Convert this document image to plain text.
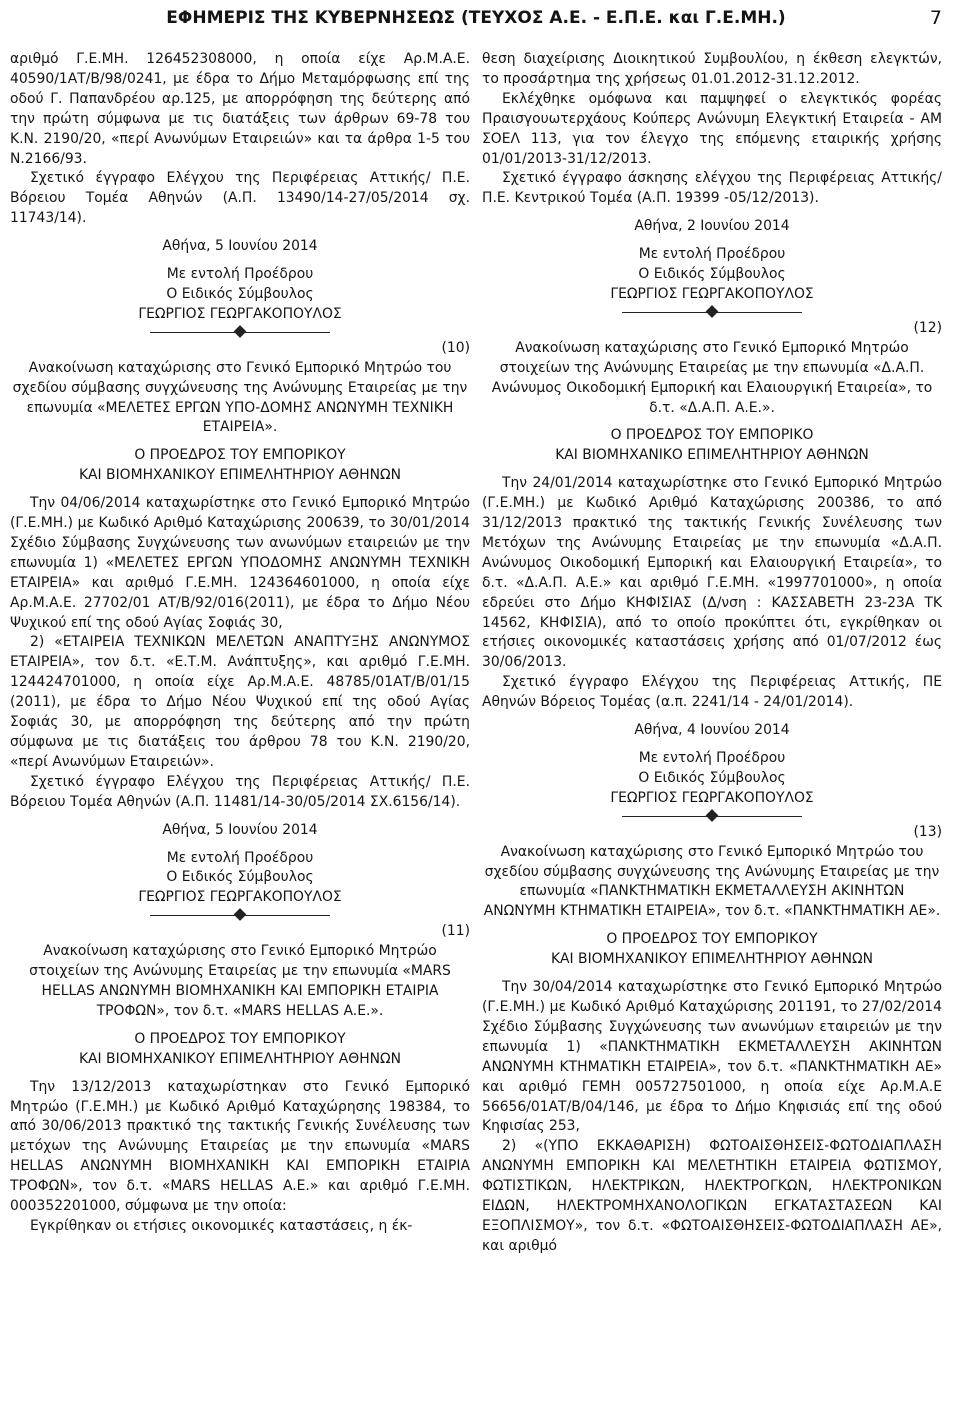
ΕΦΗΜΕΡΙΣ ΤΗΣ ΚΥΒΕΡΝΗΣΕΩΣ (ΤΕΥΧΟΣ Α.Ε. - Ε.Π.Ε. και Γ.Ε.ΜΗ.)	7

αριθμό Γ.Ε.ΜΗ. 126452308000, η οποία είχε Αρ.Μ.Α.Ε. 40590/1ΑΤ/Β/98/0241, με έδρα το Δήμο Μεταμόρφωσης επί της οδού Γ. Παπανδρέου αρ.125, με απορρόφηση της δεύτερης από την πρώτη σύμφωνα με τις διατάξεις των άρθρων 69-78 του Κ.Ν. 2190/20, «περί Ανωνύμων Εταιρειών» και τα άρθρα 1-5 του Ν.2166/93.

Σχετικό έγγραφο Ελέγχου της Περιφέρειας Αττικής/ Π.Ε. Βόρειου Τομέα Αθηνών (Α.Π. 13490/14-27/05/2014 σχ. 11743/14).

Αθήνα, 5 Ιουνίου 2014

Με εντολή Προέδρου

Ο Ειδικός Σύμβουλος

ΓΕΩΡΓΙΟΣ ΓΕΩΡΓΑΚΟΠΟΥΛΟΣ

(10)

Ανακοίνωση καταχώρισης στο Γενικό Εμπορικό Μητρώο του σχεδίου σύμβασης συγχώνευσης της Ανώνυμης Εταιρείας με την επωνυμία «ΜΕΛΕΤΕΣ ΕΡΓΩΝ ΥΠΟ-ΔΟΜΗΣ ΑΝΩΝΥΜΗ ΤΕΧΝΙΚΗ ΕΤΑΙΡΕΙΑ».

Ο ΠΡΟΕΔΡΟΣ ΤΟΥ ΕΜΠΟΡΙΚΟΥ

ΚΑΙ ΒΙΟΜΗΧΑΝΙΚΟΥ ΕΠΙΜΕΛΗΤΗΡΙΟΥ ΑΘΗΝΩΝ

Την 04/06/2014 καταχωρίστηκε στο Γενικό Εμπορικό Μητρώο (Γ.Ε.ΜΗ.) με Κωδικό Αριθμό Καταχώρισης 200639, το 30/01/2014 Σχέδιο Σύμβασης Συγχώνευσης των ανωνύμων εταιρειών με την επωνυμία 1) «ΜΕΛΕΤΕΣ ΕΡΓΩΝ ΥΠΟΔΟΜΗΣ ΑΝΩΝΥΜΗ ΤΕΧΝΙΚΗ ΕΤΑΙΡΕΙΑ» και αριθμό Γ.Ε.ΜΗ. 124364601000, η οποία είχε Αρ.Μ.Α.Ε. 27702/01 ΑΤ/Β/92/016(2011), με έδρα το Δήμο Νέου Ψυχικού επί της οδού Αγίας Σοφιάς 30,

2) «ΕΤΑΙΡΕΙΑ ΤΕΧΝΙΚΩΝ ΜΕΛΕΤΩΝ ΑΝΑΠΤΥΞΗΣ ΑΝΩΝΥΜΟΣ ΕΤΑΙΡΕΙΑ», τον δ.τ. «Ε.Τ.Μ. Ανάπτυξης», και αριθμό Γ.Ε.ΜΗ. 124424701000, η οποία είχε Αρ.Μ.Α.Ε. 48785/01ΑΤ/Β/01/15 (2011), με έδρα το Δήμο Νέου Ψυχικού επί της οδού Αγίας Σοφιάς 30, με απορρόφηση της δεύτερης από την πρώτη σύμφωνα με τις διατάξεις του άρθρου 78 του Κ.Ν. 2190/20, «περί Ανωνύμων Εταιρειών».

Σχετικό έγγραφο Ελέγχου της Περιφέρειας Αττικής/ Π.Ε. Βόρειου Τομέα Αθηνών (Α.Π. 11481/14-30/05/2014 ΣΧ.6156/14).

Αθήνα, 5 Ιουνίου 2014

Με εντολή Προέδρου

Ο Ειδικός Σύμβουλος

ΓΕΩΡΓΙΟΣ ΓΕΩΡΓΑΚΟΠΟΥΛΟΣ

(11)

Ανακοίνωση καταχώρισης στο Γενικό Εμπορικό Μητρώο στοιχείων της Ανώνυμης Εταιρείας με την επωνυμία «MARS HELLAS ΑΝΩΝΥΜΗ ΒΙΟΜΗΧΑΝΙΚΗ ΚΑΙ ΕΜΠΟΡΙΚΗ ΕΤΑΙΡΙΑ ΤΡΟΦΩΝ», τον δ.τ. «MARS HELLAS A.E.».

Ο ΠΡΟΕΔΡΟΣ ΤΟΥ ΕΜΠΟΡΙΚΟΥ

ΚΑΙ ΒΙΟΜΗΧΑΝΙΚΟΥ ΕΠΙΜΕΛΗΤΗΡΙΟΥ ΑΘΗΝΩΝ

Την 13/12/2013 καταχωρίστηκαν στο Γενικό Εμπορικό Μητρώο (Γ.Ε.ΜΗ.) με Κωδικό Αριθμό Καταχώρησης 198384, το από 30/06/2013 πρακτικό της τακτικής Γενικής Συνέλευσης των μετόχων της Ανώνυμης Εταιρείας με την επωνυμία «MARS HELLAS ΑΝΩΝΥΜΗ ΒΙΟΜΗΧΑΝΙΚΗ ΚΑΙ ΕΜΠΟΡΙΚΗ ΕΤΑΙΡΙΑ ΤΡΟΦΩΝ», τον δ.τ. «MARS HELLAS A.E.» και αριθμό Γ.Ε.ΜΗ. 000352201000, σύμφωνα με την οποία:

Εγκρίθηκαν οι ετήσιες οικονομικές καταστάσεις, η έκ-

θεση διαχείρισης Διοικητικού Συμβουλίου, η έκθεση ελεγκτών, το προσάρτημα της χρήσεως 01.01.2012-31.12.2012.

Εκλέχθηκε ομόφωνα και παμψηφεί ο ελεγκτικός φορέας Πραισγουωτερχάους Κούπερς Ανώνυμη Ελεγκτική Εταιρεία - ΑΜ ΣΟΕΛ 113, για τον έλεγχο της επόμενης εταιρικής χρήσης 01/01/2013-31/12/2013.

Σχετικό έγγραφο άσκησης ελέγχου της Περιφέρειας Αττικής/ Π.Ε. Κεντρικού Τομέα (Α.Π. 19399 -05/12/2013).

Αθήνα, 2 Ιουνίου 2014

Με εντολή Προέδρου

Ο Ειδικός Σύμβουλος

ΓΕΩΡΓΙΟΣ ΓΕΩΡΓΑΚΟΠΟΥΛΟΣ

(12)

Ανακοίνωση καταχώρισης στο Γενικό Εμπορικό Μητρώο στοιχείων της Ανώνυμης Εταιρείας με την επωνυμία «Δ.Α.Π. Ανώνυμος Οικοδομική Εμπορική και Ελαιουργική Εταιρεία», το δ.τ. «Δ.Α.Π. Α.Ε.».

Ο ΠΡΟΕΔΡΟΣ ΤΟΥ ΕΜΠΟΡΙΚΟ

ΚΑΙ ΒΙΟΜΗΧΑΝΙΚΟ ΕΠΙΜΕΛΗΤΗΡΙΟΥ ΑΘΗΝΩΝ

Την 24/01/2014 καταχωρίστηκε στο Γενικό Εμπορικό Μητρώο (Γ.Ε.ΜΗ.) με Κωδικό Αριθμό Καταχώρισης 200386, το από 31/12/2013 πρακτικό της τακτικής Γενικής Συνέλευσης των Μετόχων της Ανώνυμης Εταιρείας με την επωνυμία «Δ.Α.Π. Ανώνυμος Οικοδομική Εμπορική και Ελαιουργική Εταιρεία», το δ.τ. «Δ.Α.Π. Α.Ε.» και αριθμό Γ.Ε.ΜΗ. «1997701000», η οποία εδρεύει στο Δήμο ΚΗΦΙΣΙΑΣ (Δ/νση : ΚΑΣΣΑΒΕΤΗ 23-23Α ΤΚ 14562, ΚΗΦΙΣΙΑ), από το οποίο προκύπτει ότι, εγκρίθηκαν οι ετήσιες οικονομικές καταστάσεις χρήσης από 01/07/2012 έως 30/06/2013.

Σχετικό έγγραφο Ελέγχου της Περιφέρειας Αττικής, ΠΕ Αθηνών Βόρειος Τομέας (α.π. 2241/14 - 24/01/2014).

Αθήνα, 4 Ιουνίου 2014

Με εντολή Προέδρου

Ο Ειδικός Σύμβουλος

ΓΕΩΡΓΙΟΣ ΓΕΩΡΓΑΚΟΠΟΥΛΟΣ

(13)

Ανακοίνωση καταχώρισης στο Γενικό Εμπορικό Μητρώο του σχεδίου σύμβασης συγχώνευσης της Ανώνυμης Εταιρείας με την επωνυμία «ΠΑΝΚΤΗΜΑΤΙΚΗ ΕΚΜΕΤΑΛΛΕΥΣΗ ΑΚΙΝΗΤΩΝ ΑΝΩΝΥΜΗ ΚΤΗΜΑΤΙΚΗ ΕΤΑΙΡΕΙΑ», τον δ.τ. «ΠΑΝΚΤΗΜΑΤΙΚΗ ΑΕ».

Ο ΠΡΟΕΔΡΟΣ ΤΟΥ ΕΜΠΟΡΙΚΟΥ

ΚΑΙ ΒΙΟΜΗΧΑΝΙΚΟΥ ΕΠΙΜΕΛΗΤΗΡΙΟΥ ΑΘΗΝΩΝ

Την 30/04/2014 καταχωρίστηκε στο Γενικό Εμπορικό Μητρώο (Γ.Ε.ΜΗ.) με Κωδικό Αριθμό Καταχώρισης 201191, το 27/02/2014 Σχέδιο Σύμβασης Συγχώνευσης των ανωνύμων εταιρειών με την επωνυμία 1) «ΠΑΝΚΤΗΜΑΤΙΚΗ ΕΚΜΕΤΑΛΛΕΥΣΗ ΑΚΙΝΗΤΩΝ ΑΝΩΝΥΜΗ ΚΤΗΜΑΤΙΚΗ ΕΤΑΙΡΕΙΑ», τον δ.τ. «ΠΑΝΚΤΗΜΑΤΙΚΗ ΑΕ» και αριθμό ΓΕΜΗ 005727501000, η οποία είχε Αρ.Μ.Α.Ε 56656/01ΑΤ/Β/04/146, με έδρα το Δήμο Κηφισιάς επί της οδού Κηφισίας 253,

2) «(ΥΠΟ ΕΚΚΑΘΑΡΙΣΗ) ΦΩΤΟΑΙΣΘΗΣΕΙΣ-ΦΩΤΟΔΙΑΠΛΑΣΗ ΑΝΩΝΥΜΗ ΕΜΠΟΡΙΚΗ ΚΑΙ ΜΕΛΕΤΗΤΙΚΗ ΕΤΑΙΡΕΙΑ ΦΩΤΙΣΜΟΥ, ΦΩΤΙΣΤΙΚΩΝ, ΗΛΕΚΤΡΙΚΩΝ, ΗΛΕΚΤΡΟΓΚΩΝ, ΗΛΕΚΤΡΟΝΙΚΩΝ ΕΙΔΩΝ, ΗΛΕΚΤΡΟΜΗΧΑΝΟΛΟΓΙΚΩΝ ΕΓΚΑΤΑΣΤΑΣΕΩΝ ΚΑΙ ΕΞΟΠΛΙΣΜΟΥ», τον δ.τ. «ΦΩΤΟΑΙΣΘΗΣΕΙΣ-ΦΩΤΟΔΙΑΠΛΑΣΗ ΑΕ», και αριθμό
